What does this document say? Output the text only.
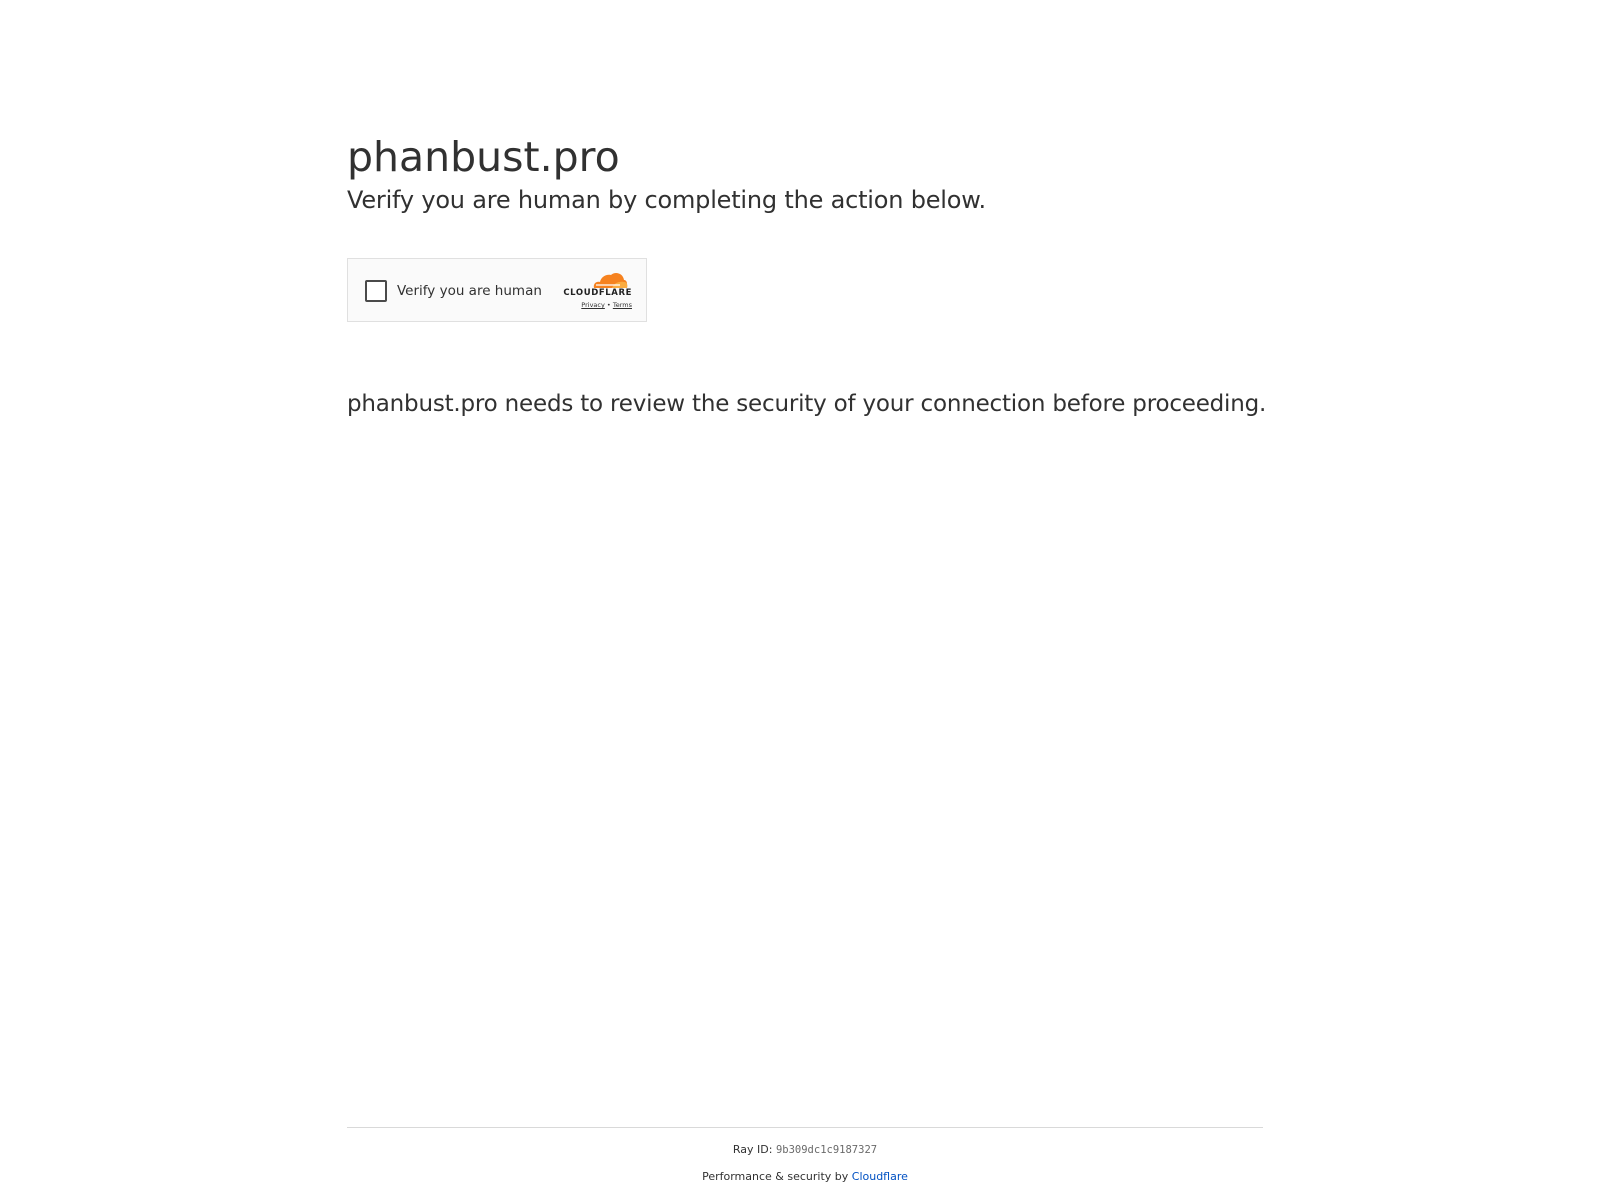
phanbust.pro
Verify you are human by completing the action below.
Verify you are human	CLOUDFLARE
Privacy • Terms

phanbust.pro needs to review the security of your connection before proceeding.

Ray ID: 9b309dc1c9187327
Performance & security by Cloudflare
